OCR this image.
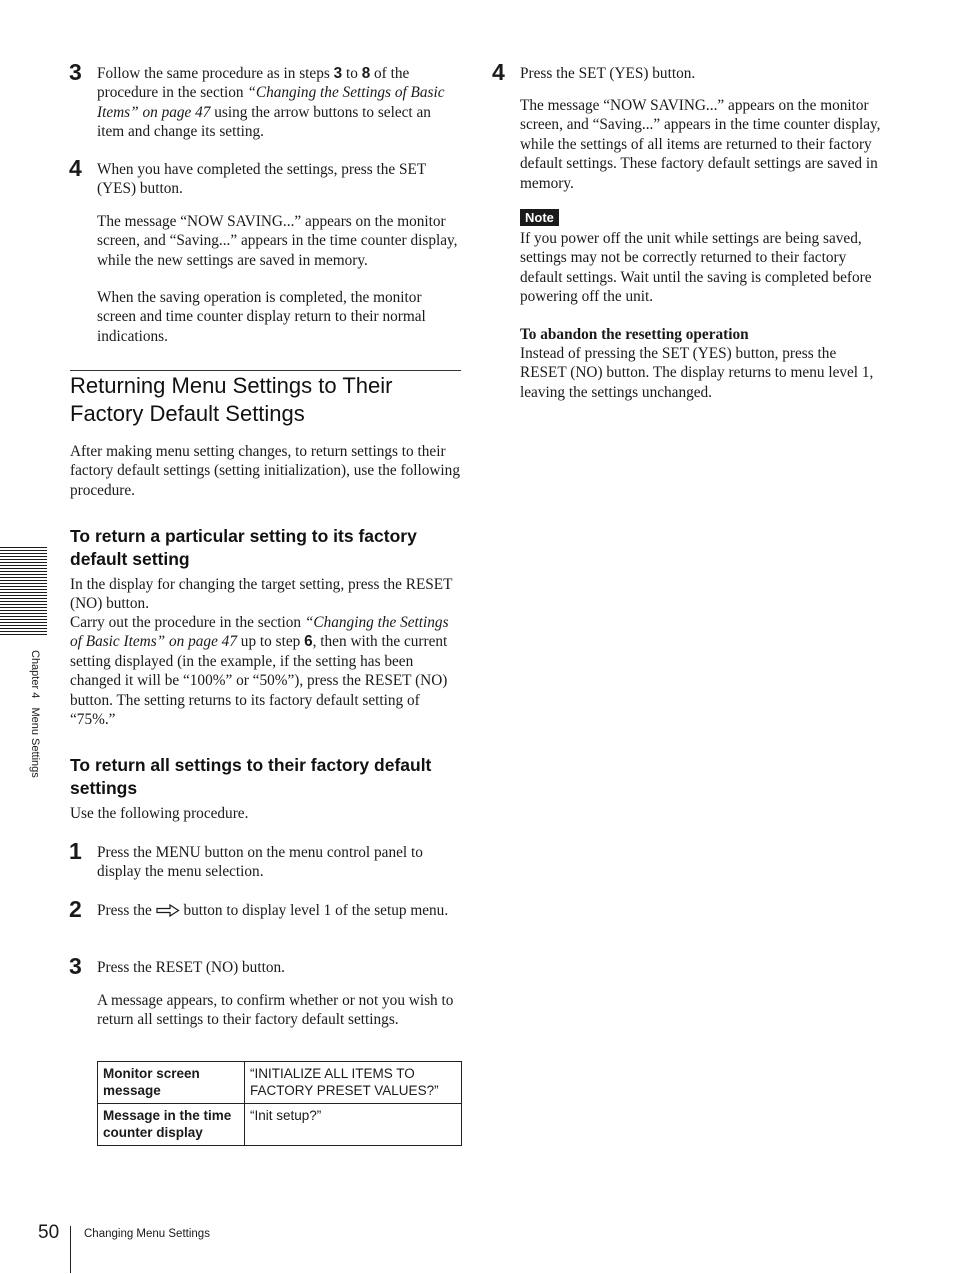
3 Follow the same procedure as in steps 3 to 8 of the procedure in the section “Changing the Settings of Basic Items” on page 47 using the arrow buttons to select an item and change its setting.

4 When you have completed the settings, press the SET (YES) button.

The message “NOW SAVING...” appears on the monitor screen, and “Saving...” appears in the time counter display, while the new settings are saved in memory.

When the saving operation is completed, the monitor screen and time counter display return to their normal indications.

Returning Menu Settings to Their Factory Default Settings

After making menu setting changes, to return settings to their factory default settings (setting initialization), use the following procedure.

To return a particular setting to its factory default setting

In the display for changing the target setting, press the RESET (NO) button.

Carry out the procedure in the section “Changing the Settings of Basic Items” on page 47 up to step 6, then with the current setting displayed (in the example, if the setting has been changed it will be “100%” or “50%”), press the RESET (NO) button. The setting returns to its factory default setting of “75%.”

To return all settings to their factory default settings

Use the following procedure.

1 Press the MENU button on the menu control panel to display the menu selection.

2 Press the  button to display level 1 of the setup menu.

3 Press the RESET (NO) button.

A message appears, to confirm whether or not you wish to return all settings to their factory default settings.

Monitor screen message	“INITIALIZE ALL ITEMS TO FACTORY PRESET VALUES?”
Message in the time counter display	“Init setup?”
4 Press the SET (YES) button.

The message “NOW SAVING...” appears on the monitor screen, and “Saving...” appears in the time counter display, while the settings of all items are returned to their factory default settings. These factory default settings are saved in memory.

Note

If you power off the unit while settings are being saved, settings may not be correctly returned to their factory default settings. Wait until the saving is completed before powering off the unit.

To abandon the resetting operation

Instead of pressing the SET (YES) button, press the RESET (NO) button. The display returns to menu level 1, leaving the settings unchanged.

Chapter 4   Menu Settings
50 Changing Menu Settings
